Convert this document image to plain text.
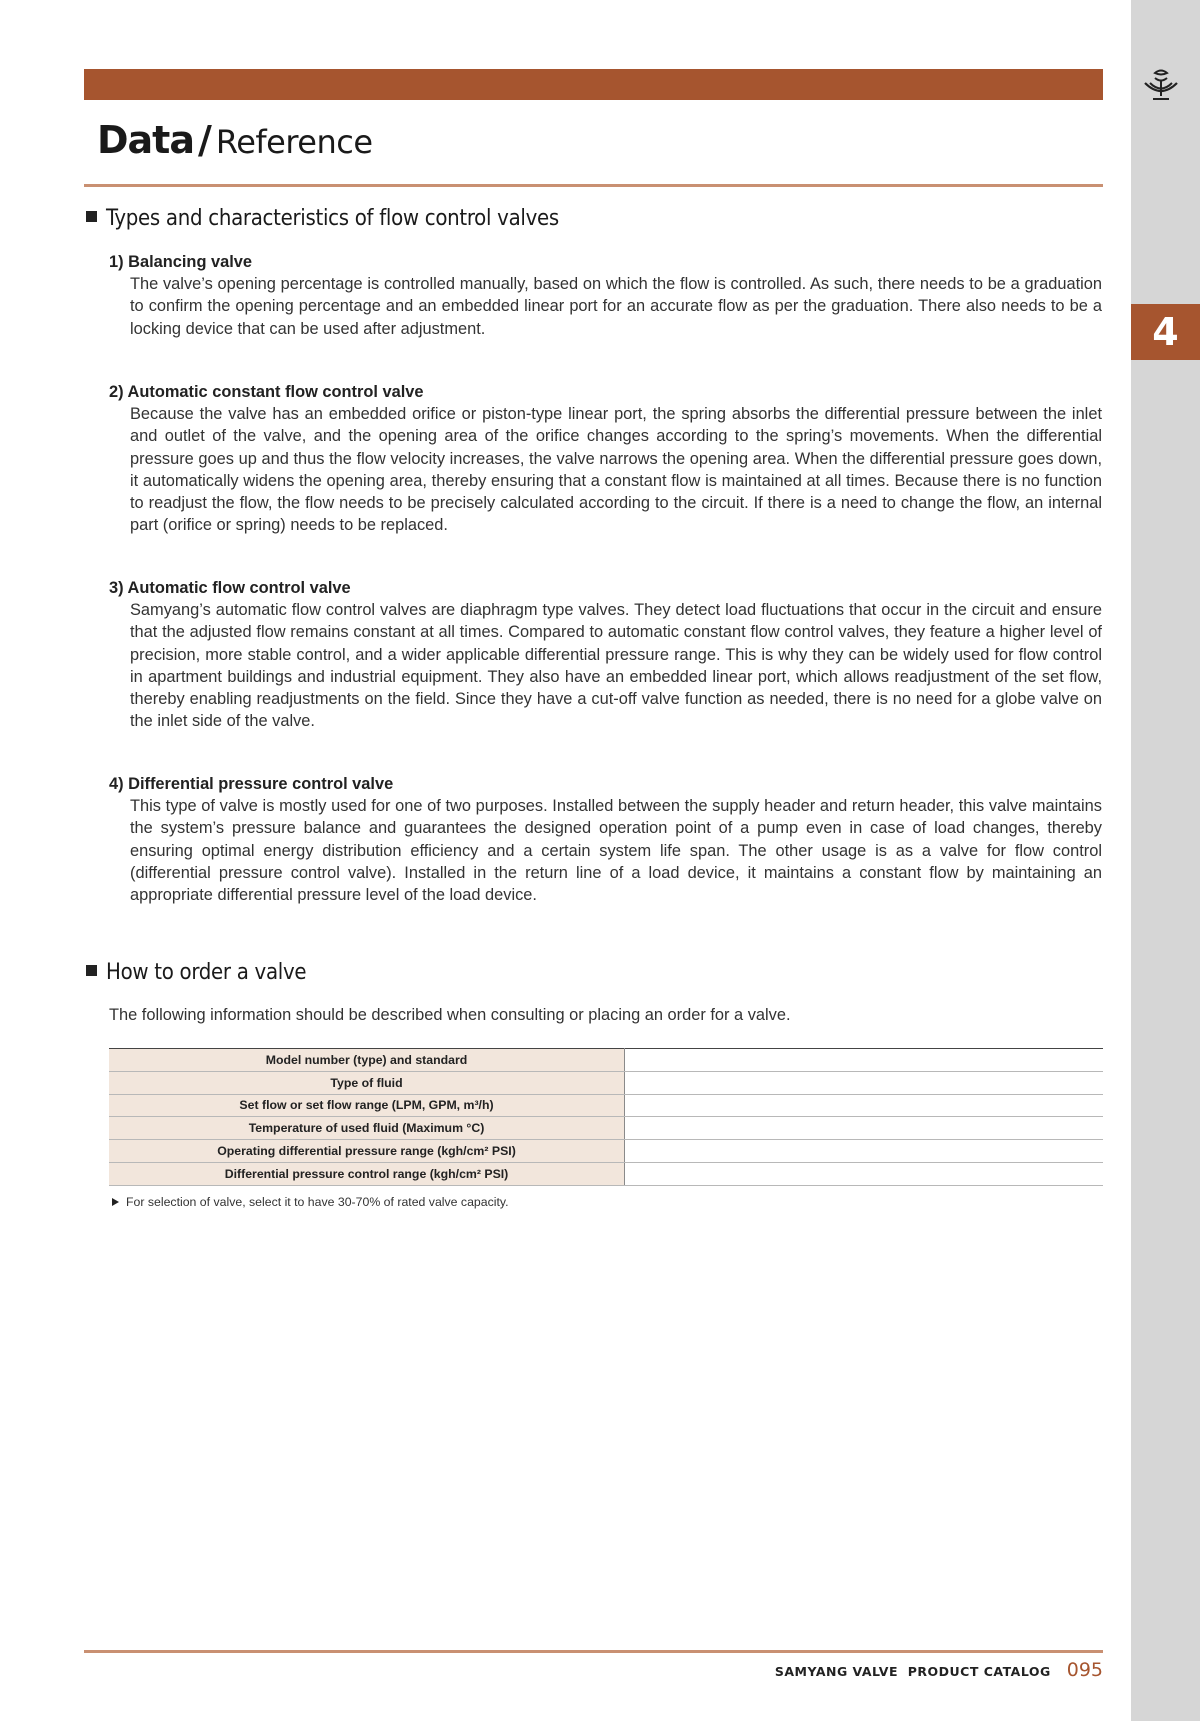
4
Data / Reference
Types and characteristics of flow control valves
1) Balancing valve
The valve’s opening percentage is controlled manually, based on which the flow is controlled. As such, there needs to be a graduation to confirm the opening percentage and an embedded linear port for an accurate flow as per the graduation. There also needs to be a locking device that can be used after adjustment.
2) Automatic constant flow control valve
Because the valve has an embedded orifice or piston-type linear port, the spring absorbs the differential pressure between the inlet and outlet of the valve, and the opening area of the orifice changes according to the spring’s movements. When the differential pressure goes up and thus the flow velocity increases, the valve narrows the opening area. When the differential pressure goes down, it automatically widens the opening area, thereby ensuring that a constant flow is maintained at all times. Because there is no function to readjust the flow, the flow needs to be precisely calculated according to the circuit. If there is a need to change the flow, an internal part (orifice or spring) needs to be replaced.
3) Automatic flow control valve
Samyang’s automatic flow control valves are diaphragm type valves. They detect load fluctuations that occur in the circuit and ensure that the adjusted flow remains constant at all times. Compared to automatic constant flow control valves, they feature a higher level of precision, more stable control, and a wider applicable differential pressure range. This is why they can be widely used for flow control in apartment buildings and industrial equipment. They also have an embedded linear port, which allows readjustment of the set flow, thereby enabling readjustments on the field. Since they have a cut-off valve function as needed, there is no need for a globe valve on the inlet side of the valve.
4) Differential pressure control valve
This type of valve is mostly used for one of two purposes. Installed between the supply header and return header, this valve maintains the system’s pressure balance and guarantees the designed operation point of a pump even in case of load changes, thereby ensuring optimal energy distribution efficiency and a certain system life span. The other usage is as a valve for flow control (differential pressure control valve). Installed in the return line of a load device, it maintains a constant flow by maintaining an appropriate differential pressure level of the load device.
How to order a valve
The following information should be described when consulting or placing an order for a valve.
Model number (type) and standard	
Type of fluid	
Set flow or set flow range (LPM, GPM, m³/h)	
Temperature of used fluid (Maximum °C)	
Operating differential pressure range (kgh/cm² PSI)	
Differential pressure control range (kgh/cm² PSI)	
For selection of valve, select it to have 30-70% of rated valve capacity.
SAMYANG VALVE  PRODUCT CATALOG 095
